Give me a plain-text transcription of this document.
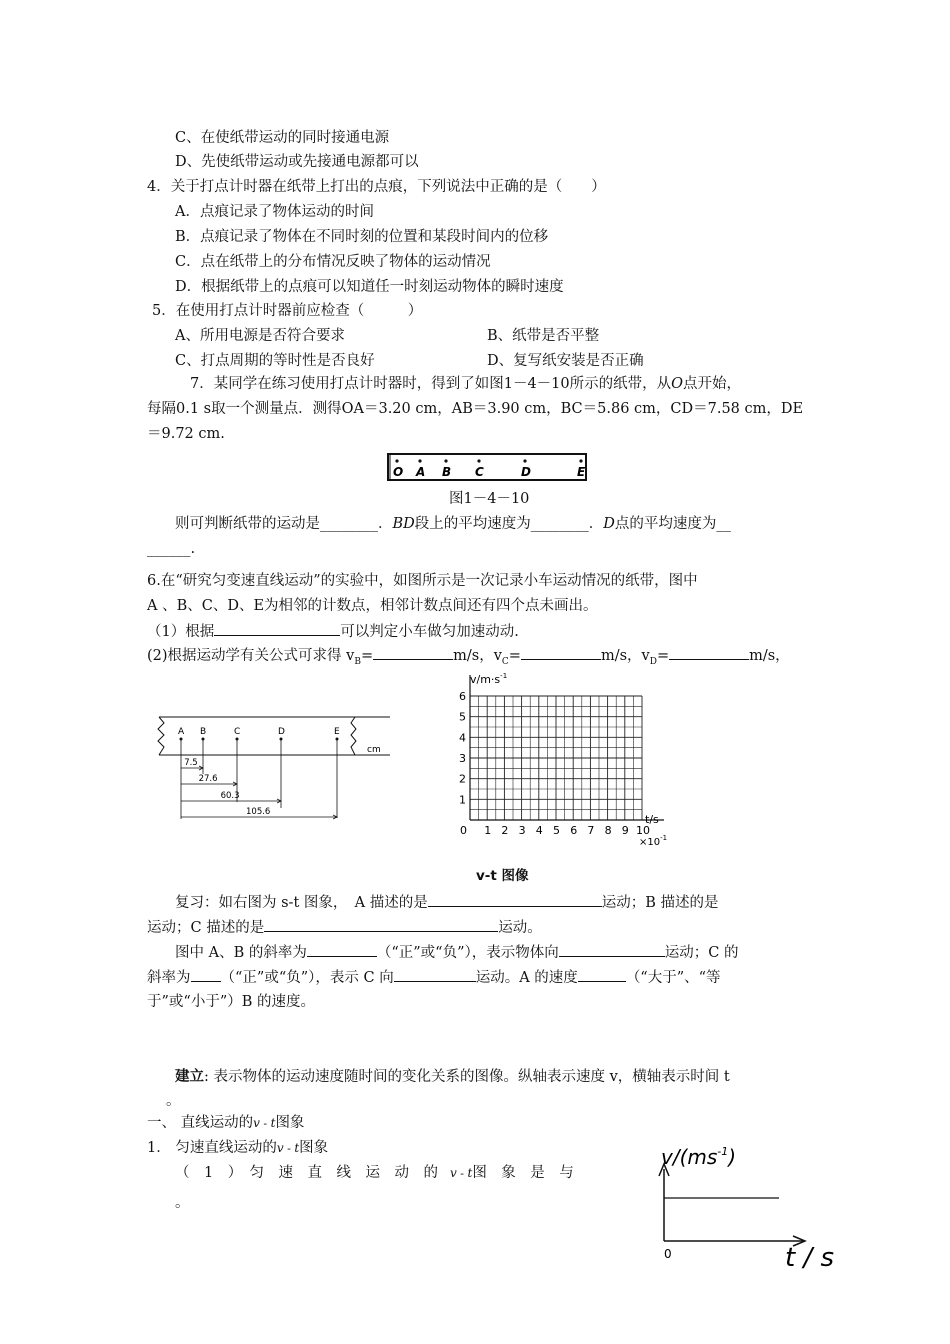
C、在使纸带运动的同时接通电源
D、先使纸带运动或先接通电源都可以
4．关于打点计时器在纸带上打出的点痕，下列说法中正确的是（　　）
A．点痕记录了物体运动的时间
B．点痕记录了物体在不同时刻的位置和某段时间内的位移
C．点在纸带上的分布情况反映了物体的运动情况
D．根据纸带上的点痕可以知道任一时刻运动物体的瞬时速度
5．在使用打点计时器前应检查（　　　）
A、所用电源是否符合要求	B、纸带是否平整
C、打点周期的等时性是否良好	D、复写纸安装是否正确
7．某同学在练习使用打点计时器时，得到了如图1－4－10所示的纸带，从O点开始，
每隔0.1 s取一个测量点．测得OA＝3.20 cm，AB＝3.90 cm，BC＝5.86 cm，CD＝7.58 cm，DE
＝9.72 cm.
O A B C	D	E
图1－4－10
则可判断纸带的运动是________．BD段上的平均速度为________．D点的平均速度为__
______.
6.在“研究匀变速直线运动”的实验中，如图所示是一次记录小车运动情况的纸带，图中
A 、B、C、D、E为相邻的计数点，相邻计数点间还有四个点未画出。
（1）根据	可以判定小车做匀加速动动.
(2)根据运动学有关公式可求得 $v_B=$	m/s，$v_C=$	m/s，$v_D=$	m/s，
A B	C	D	E
7.5
27.6
60.3
105.6
cm
0 1 2 3 4 5 6 7 8 9 10
1
2
3
4
5
6
$v/m\cdot s^{-1}$
t/s
$\times 10^{-1}$
v-t 图像
复习：如右图为 s-t 图象，　A 描述的是	运动；B 描述的是
运动；C 描述的是	运动。
图中 A、B 的斜率为	（“正”或“负”），表示物体向	运动；C 的
斜率为 （“正”或“负”），表示 C 向	运动。A 的速度	（“大于”、“等
于”或“小于”）B 的速度。
建立: 表示物体的运动速度随时间的变化关系的图像。纵轴表示速度 v，横轴表示时间 t
。
一、 直线运动的v - t图象
1． 匀速直线运动的v - t图象
（　1　）　匀　速　直　线　运　动　的 v - t图　象　是　与
。
$v/(ms^{-1})$
0	t / s
